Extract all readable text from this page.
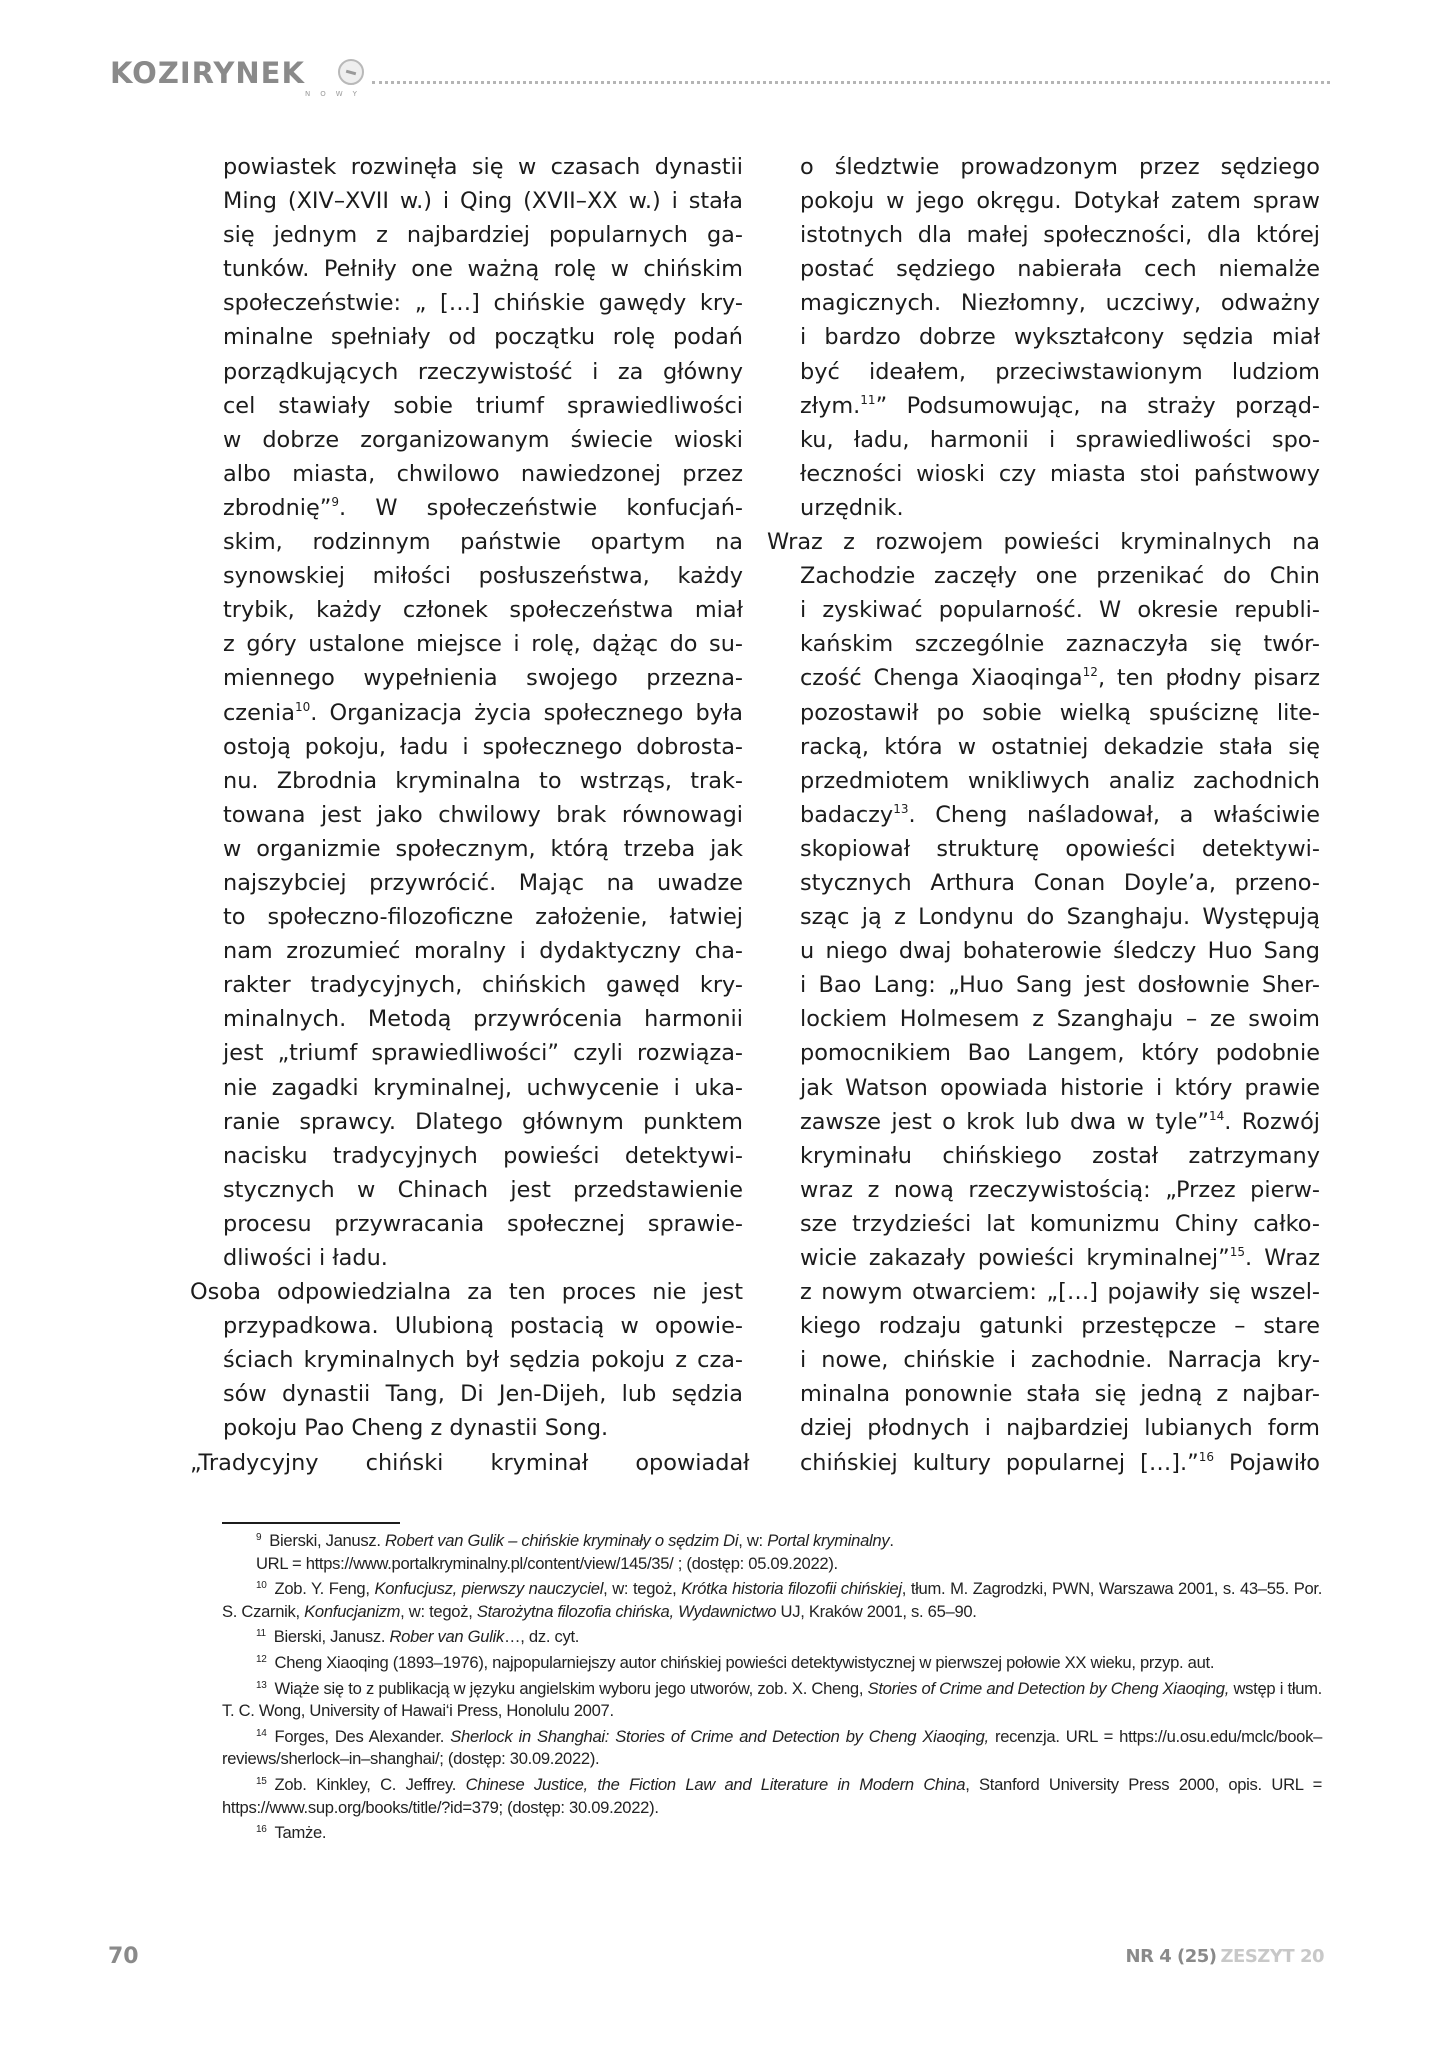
KOZIRYNEK
NOWY
powiastek rozwinęła się w czasach dynastii
Ming (XIV–XVII w.) i Qing (XVII–XX w.) i stała
się jednym z najbardziej popularnych ga-
tunków. Pełniły one ważną rolę w chińskim
społeczeństwie: „ […] chińskie gawędy kry-
minalne spełniały od początku rolę podań
porządkujących rzeczywistość i za główny
cel stawiały sobie triumf sprawiedliwości
w dobrze zorganizowanym świecie wioski
albo miasta, chwilowo nawiedzonej przez
zbrodnię”$^9$. W społeczeństwie konfucjań-
skim, rodzinnym państwie opartym na
synowskiej miłości posłuszeństwa, każdy
trybik, każdy członek społeczeństwa miał
z góry ustalone miejsce i rolę, dążąc do su-
miennego wypełnienia swojego przezna-
czenia$^{10}$. Organizacja życia społecznego była
ostoją pokoju, ładu i społecznego dobrosta-
nu. Zbrodnia kryminalna to wstrząs, trak-
towana jest jako chwilowy brak równowagi
w organizmie społecznym, którą trzeba jak
najszybciej przywrócić. Mając na uwadze
to społeczno-filozoficzne założenie, łatwiej
nam zrozumieć moralny i dydaktyczny cha-
rakter tradycyjnych, chińskich gawęd kry-
minalnych. Metodą przywrócenia harmonii
jest „triumf sprawiedliwości” czyli rozwiąza-
nie zagadki kryminalnej, uchwycenie i uka-
ranie sprawcy. Dlatego głównym punktem
nacisku tradycyjnych powieści detektywi-
stycznych w Chinach jest przedstawienie
procesu przywracania społecznej sprawie-
dliwości i ładu.
Osoba odpowiedzialna za ten proces nie jest
przypadkowa. Ulubioną postacią w opowie-
ściach kryminalnych był sędzia pokoju z cza-
sów dynastii Tang, Di Jen-Dijeh, lub sędzia
pokoju Pao Cheng z dynastii Song.
„Tradycyjny chiński kryminał opowiadał
o śledztwie prowadzonym przez sędziego
pokoju w jego okręgu. Dotykał zatem spraw
istotnych dla małej społeczności, dla której
postać sędziego nabierała cech niemalże
magicznych. Niezłomny, uczciwy, odważny
i bardzo dobrze wykształcony sędzia miał
być ideałem, przeciwstawionym ludziom
złym.$^{11}$” Podsumowując, na straży porząd-
ku, ładu, harmonii i sprawiedliwości spo-
łeczności wioski czy miasta stoi państwowy
urzędnik.
Wraz z rozwojem powieści kryminalnych na
Zachodzie zaczęły one przenikać do Chin
i zyskiwać popularność. W okresie republi-
kańskim szczególnie zaznaczyła się twór-
czość Chenga Xiaoqinga$^{12}$, ten płodny pisarz
pozostawił po sobie wielką spuściznę lite-
racką, która w ostatniej dekadzie stała się
przedmiotem wnikliwych analiz zachodnich
badaczy$^{13}$. Cheng naśladował, a właściwie
skopiował strukturę opowieści detektywi-
stycznych Arthura Conan Doyle’a, przeno-
sząc ją z Londynu do Szanghaju. Występują
u niego dwaj bohaterowie śledczy Huo Sang
i Bao Lang: „Huo Sang jest dosłownie Sher-
lockiem Holmesem z Szanghaju – ze swoim
pomocnikiem Bao Langem, który podobnie
jak Watson opowiada historie i który prawie
zawsze jest o krok lub dwa w tyle”$^{14}$. Rozwój
kryminału chińskiego został zatrzymany
wraz z nową rzeczywistością: „Przez pierw-
sze trzydzieści lat komunizmu Chiny całko-
wicie zakazały powieści kryminalnej”$^{15}$. Wraz
z nowym otwarciem: „[…] pojawiły się wszel-
kiego rodzaju gatunki przestępcze – stare
i nowe, chińskie i zachodnie. Narracja kry-
minalna ponownie stała się jedną z najbar-
dziej płodnych i najbardziej lubianych form
chińskiej kultury popularnej […].”$^{16}$ Pojawiło
$^9$ Bierski, Janusz. Robert van Gulik – chińskie kryminały o sędzim Di, w: Portal kryminalny.
URL = https://www.portalkryminalny.pl/content/view/145/35/ ; (dostęp: 05.09.2022).
$^{10}$ Zob. Y. Feng, Konfucjusz, pierwszy nauczyciel, w: tegoż, Krótka historia filozofii chińskiej, tłum. M. Zagrodzki, PWN, Warszawa 2001, s. 43–55. Por. S. Czarnik, Konfucjanizm, w: tegoż, Starożytna filozofia chińska, Wydawnictwo UJ, Kraków 2001, s. 65–90.
$^{11}$ Bierski, Janusz. Rober van Gulik…, dz. cyt.
$^{12}$ Cheng Xiaoqing (1893–1976), najpopularniejszy autor chińskiej powieści detektywistycznej w pierwszej połowie XX wieku, przyp. aut.
$^{13}$ Wiąże się to z publikacją w języku angielskim wyboru jego utworów, zob. X. Cheng, Stories of Crime and Detection by Cheng Xiaoqing, wstęp i tłum. T. C. Wong, University of Hawai‘i Press, Honolulu 2007.
$^{14}$ Forges, Des Alexander. Sherlock in Shanghai: Stories of Crime and Detection by Cheng Xiaoqing, recenzja. URL = https://u.osu.edu/mclc/book–reviews/sherlock–in–shanghai/; (dostęp: 30.09.2022).
$^{15}$ Zob. Kinkley, C. Jeffrey. Chinese Justice, the Fiction Law and Literature in Modern China, Stanford University Press 2000, opis. URL = https://www.sup.org/books/title/?id=379; (dostęp: 30.09.2022).
$^{16}$ Tamże.
70	NR 4 (25) ZESZYT 20
